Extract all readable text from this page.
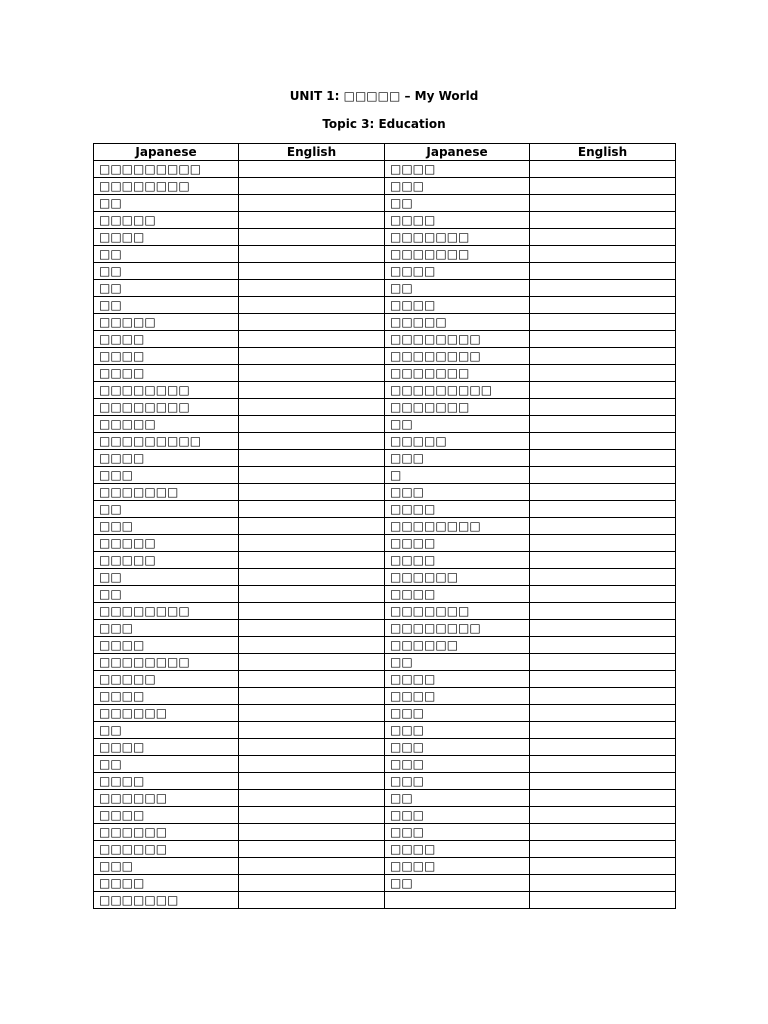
UNIT 1: □□□□□ – My World
Topic 3: Education
Japanese	English	Japanese	English
□□□□□□□□□		□□□□	
□□□□□□□□		□□□	
□□		□□	
□□□□□		□□□□	
□□□□		□□□□□□□	
□□		□□□□□□□	
□□		□□□□	
□□		□□	
□□		□□□□	
□□□□□		□□□□□	
□□□□		□□□□□□□□	
□□□□		□□□□□□□□	
□□□□		□□□□□□□	
□□□□□□□□		□□□□□□□□□	
□□□□□□□□		□□□□□□□	
□□□□□		□□	
□□□□□□□□□		□□□□□	
□□□□		□□□	
□□□		□	
□□□□□□□		□□□	
□□		□□□□	
□□□		□□□□□□□□	
□□□□□		□□□□	
□□□□□		□□□□	
□□		□□□□□□	
□□		□□□□	
□□□□□□□□		□□□□□□□	
□□□		□□□□□□□□	
□□□□		□□□□□□	
□□□□□□□□		□□	
□□□□□		□□□□	
□□□□		□□□□	
□□□□□□		□□□	
□□		□□□	
□□□□		□□□	
□□		□□□	
□□□□		□□□	
□□□□□□		□□	
□□□□		□□□	
□□□□□□		□□□	
□□□□□□		□□□□	
□□□		□□□□	
□□□□		□□	
□□□□□□□			
